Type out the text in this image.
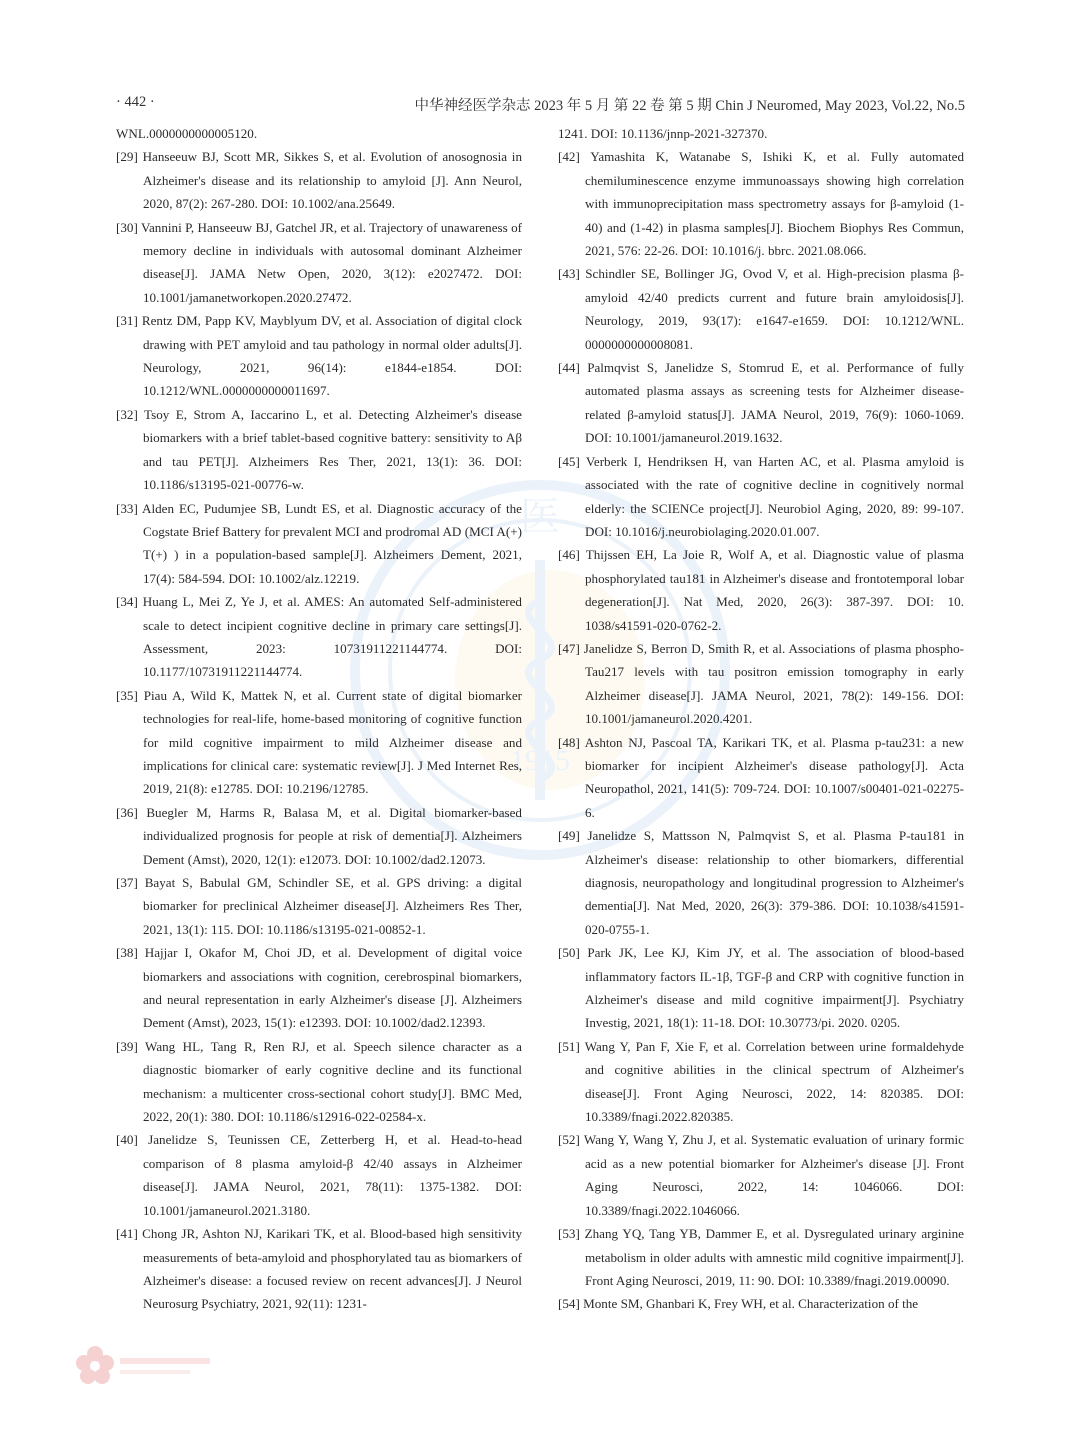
· 442 ·	中华神经医学杂志 2023 年 5 月 第 22 卷 第 5 期 Chin J Neuromed, May 2023, Vol.22, No.5
医
1915
WNL.0000000000005120.
[29] Hanseeuw BJ, Scott MR, Sikkes S, et al. Evolution of anosognosia in Alzheimer's disease and its relationship to amyloid [J]. Ann Neurol, 2020, 87(2): 267-280. DOI: 10.1002/ana.25649.
[30] Vannini P, Hanseeuw BJ, Gatchel JR, et al. Trajectory of unawareness of memory decline in individuals with autosomal dominant Alzheimer disease[J]. JAMA Netw Open, 2020, 3(12): e2027472. DOI: 10.1001/jamanetworkopen.2020.27472.
[31] Rentz DM, Papp KV, Mayblyum DV, et al. Association of digital clock drawing with PET amyloid and tau pathology in normal older adults[J]. Neurology, 2021, 96(14): e1844-e1854. DOI: 10.1212/WNL.0000000000011697.
[32] Tsoy E, Strom A, Iaccarino L, et al. Detecting Alzheimer's disease biomarkers with a brief tablet-based cognitive battery: sensitivity to Aβ and tau PET[J]. Alzheimers Res Ther, 2021, 13(1): 36. DOI: 10.1186/s13195-021-00776-w.
[33] Alden EC, Pudumjee SB, Lundt ES, et al. Diagnostic accuracy of the Cogstate Brief Battery for prevalent MCI and prodromal AD (MCI A(+) T(+) ) in a population-based sample[J]. Alzheimers Dement, 2021, 17(4): 584-594. DOI: 10.1002/alz.12219.
[34] Huang L, Mei Z, Ye J, et al. AMES: An automated Self-administered scale to detect incipient cognitive decline in primary care settings[J]. Assessment, 2023: 10731911221144774. DOI: 10.1177/10731911221144774.
[35] Piau A, Wild K, Mattek N, et al. Current state of digital biomarker technologies for real-life, home-based monitoring of cognitive function for mild cognitive impairment to mild Alzheimer disease and implications for clinical care: systematic review[J]. J Med Internet Res, 2019, 21(8): e12785. DOI: 10.2196/12785.
[36] Buegler M, Harms R, Balasa M, et al. Digital biomarker-based individualized prognosis for people at risk of dementia[J]. Alzheimers Dement (Amst), 2020, 12(1): e12073. DOI: 10.1002/dad2.12073.
[37] Bayat S, Babulal GM, Schindler SE, et al. GPS driving: a digital biomarker for preclinical Alzheimer disease[J]. Alzheimers Res Ther, 2021, 13(1): 115. DOI: 10.1186/s13195-021-00852-1.
[38] Hajjar I, Okafor M, Choi JD, et al. Development of digital voice biomarkers and associations with cognition, cerebrospinal biomarkers, and neural representation in early Alzheimer's disease [J]. Alzheimers Dement (Amst), 2023, 15(1): e12393. DOI: 10.1002/dad2.12393.
[39] Wang HL, Tang R, Ren RJ, et al. Speech silence character as a diagnostic biomarker of early cognitive decline and its functional mechanism: a multicenter cross-sectional cohort study[J]. BMC Med, 2022, 20(1): 380. DOI: 10.1186/s12916-022-02584-x.
[40] Janelidze S, Teunissen CE, Zetterberg H, et al. Head-to-head comparison of 8 plasma amyloid-β 42/40 assays in Alzheimer disease[J]. JAMA Neurol, 2021, 78(11): 1375-1382. DOI: 10.1001/jamaneurol.2021.3180.
[41] Chong JR, Ashton NJ, Karikari TK, et al. Blood-based high sensitivity measurements of beta-amyloid and phosphorylated tau as biomarkers of Alzheimer's disease: a focused review on recent advances[J]. J Neurol Neurosurg Psychiatry, 2021, 92(11): 1231-
1241. DOI: 10.1136/jnnp-2021-327370.
[42] Yamashita K, Watanabe S, Ishiki K, et al. Fully automated chemiluminescence enzyme immunoassays showing high correlation with immunoprecipitation mass spectrometry assays for β-amyloid (1-40) and (1-42) in plasma samples[J]. Biochem Biophys Res Commun, 2021, 576: 22-26. DOI: 10.1016/j. bbrc. 2021.08.066.
[43] Schindler SE, Bollinger JG, Ovod V, et al. High-precision plasma β-amyloid 42/40 predicts current and future brain amyloidosis[J]. Neurology, 2019, 93(17): e1647-e1659. DOI: 10.1212/WNL. 0000000000008081.
[44] Palmqvist S, Janelidze S, Stomrud E, et al. Performance of fully automated plasma assays as screening tests for Alzheimer disease-related β-amyloid status[J]. JAMA Neurol, 2019, 76(9): 1060-1069. DOI: 10.1001/jamaneurol.2019.1632.
[45] Verberk I, Hendriksen H, van Harten AC, et al. Plasma amyloid is associated with the rate of cognitive decline in cognitively normal elderly: the SCIENCe project[J]. Neurobiol Aging, 2020, 89: 99-107. DOI: 10.1016/j.neurobiolaging.2020.01.007.
[46] Thijssen EH, La Joie R, Wolf A, et al. Diagnostic value of plasma phosphorylated tau181 in Alzheimer's disease and frontotemporal lobar degeneration[J]. Nat Med, 2020, 26(3): 387-397. DOI: 10. 1038/s41591-020-0762-2.
[47] Janelidze S, Berron D, Smith R, et al. Associations of plasma phospho-Tau217 levels with tau positron emission tomography in early Alzheimer disease[J]. JAMA Neurol, 2021, 78(2): 149-156. DOI: 10.1001/jamaneurol.2020.4201.
[48] Ashton NJ, Pascoal TA, Karikari TK, et al. Plasma p-tau231: a new biomarker for incipient Alzheimer's disease pathology[J]. Acta Neuropathol, 2021, 141(5): 709-724. DOI: 10.1007/s00401-021-02275-6.
[49] Janelidze S, Mattsson N, Palmqvist S, et al. Plasma P-tau181 in Alzheimer's disease: relationship to other biomarkers, differential diagnosis, neuropathology and longitudinal progression to Alzheimer's dementia[J]. Nat Med, 2020, 26(3): 379-386. DOI: 10.1038/s41591-020-0755-1.
[50] Park JK, Lee KJ, Kim JY, et al. The association of blood-based inflammatory factors IL-1β, TGF-β and CRP with cognitive function in Alzheimer's disease and mild cognitive impairment[J]. Psychiatry Investig, 2021, 18(1): 11-18. DOI: 10.30773/pi. 2020. 0205.
[51] Wang Y, Pan F, Xie F, et al. Correlation between urine formaldehyde and cognitive abilities in the clinical spectrum of Alzheimer's disease[J]. Front Aging Neurosci, 2022, 14: 820385. DOI: 10.3389/fnagi.2022.820385.
[52] Wang Y, Wang Y, Zhu J, et al. Systematic evaluation of urinary formic acid as a new potential biomarker for Alzheimer's disease [J]. Front Aging Neurosci, 2022, 14: 1046066. DOI: 10.3389/fnagi.2022.1046066.
[53] Zhang YQ, Tang YB, Dammer E, et al. Dysregulated urinary arginine metabolism in older adults with amnestic mild cognitive impairment[J]. Front Aging Neurosci, 2019, 11: 90. DOI: 10.3389/fnagi.2019.00090.
[54] Monte SM, Ghanbari K, Frey WH, et al. Characterization of the
